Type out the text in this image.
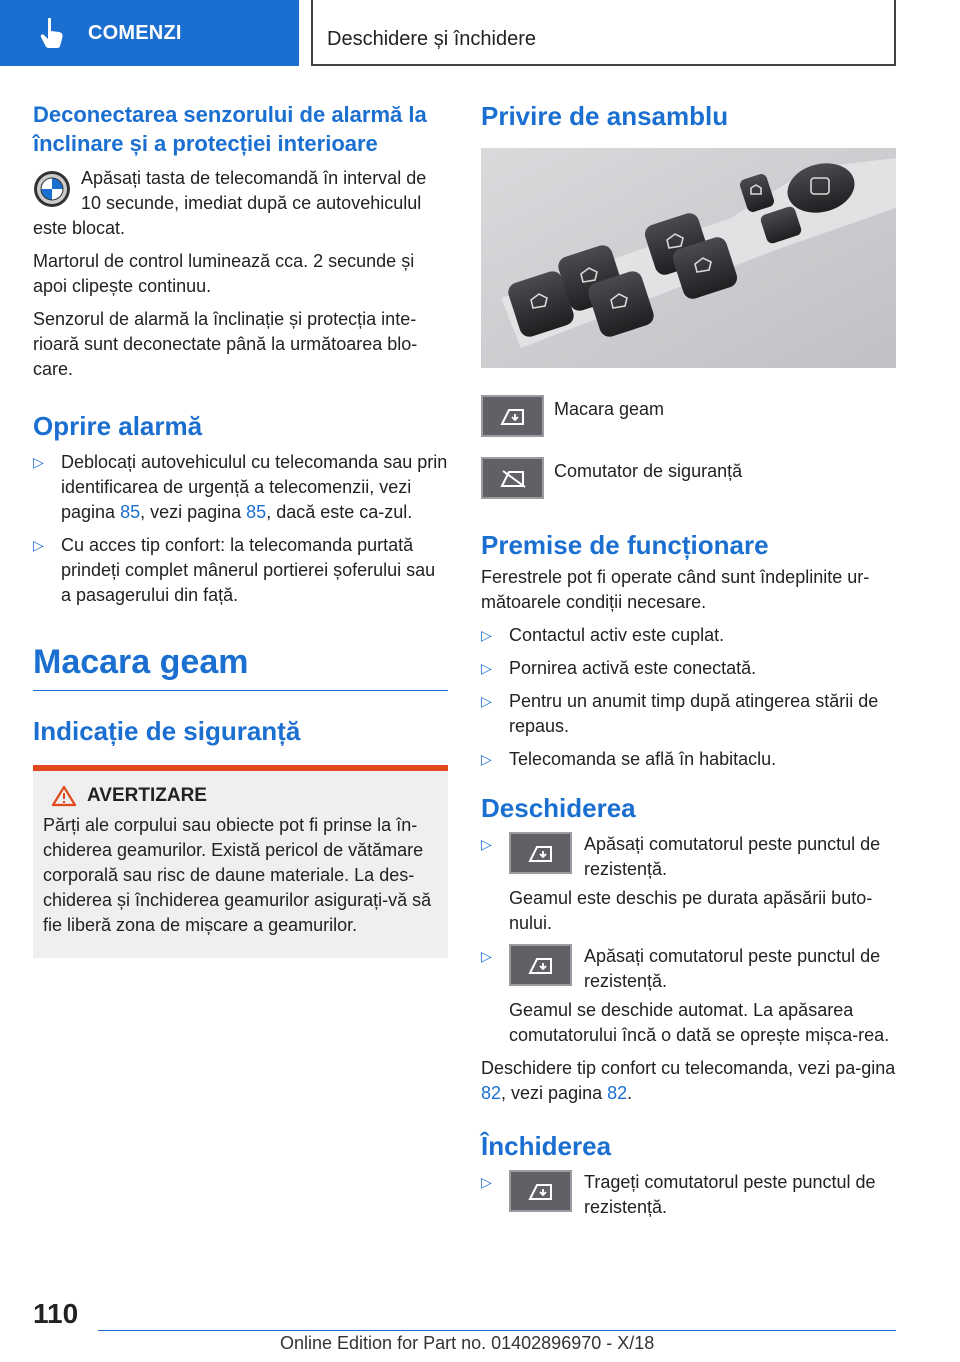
COMENZI	Deschidere și închidere
Deconectarea senzorului de alarmă la înclinare și a protecției interioare

Apăsați tasta de telecomandă în interval de 10 secunde, imediat după ce autovehiculul este blocat.

Martorul de control luminează cca. 2 secunde și apoi clipește continuu.

Senzorul de alarmă la înclinație și protecția inte-rioară sunt deconectate până la următoarea blo-care.

Oprire alarmă
▷ Deblocați autovehiculul cu telecomanda sau prin identificarea de urgență a telecomenzii, vezi pagina 85, vezi pagina 85, dacă este ca-zul.
▷ Cu acces tip confort: la telecomanda purtată prindeți complet mânerul portierei șoferului sau a pasagerului din față.
Macara geam
Indicație de siguranță
AVERTIZARE

Părți ale corpului sau obiecte pot fi prinse la în-chiderea geamurilor. Există pericol de vătămare corporală sau risc de daune materiale. La des-chiderea și închiderea geamurilor asigurați-vă să fie liberă zona de mișcare a geamurilor.

Privire de ansamblu
Macara geam
Comutator de siguranță
Premise de funcționare

Ferestrele pot fi operate când sunt îndeplinite ur-mătoarele condiții necesare.

▷ Contactul activ este cuplat.
▷ Pornirea activă este conectată.
▷ Pentru un anumit timp după atingerea stării de repaus.
▷ Telecomanda se află în habitaclu.
Deschiderea
▷	Apăsați comutatorul peste punctul de rezistență.
Geamul este deschis pe durata apăsării buto-nului.
▷	Apăsați comutatorul peste punctul de rezistență.
Geamul se deschide automat. La apăsarea comutatorului încă o dată se oprește mișca-rea.

Deschidere tip confort cu telecomanda, vezi pa-gina 82, vezi pagina 82.

Închiderea
▷	Trageți comutatorul peste punctul de rezistență.
110
Online Edition for Part no. 01402896970 - X/18
